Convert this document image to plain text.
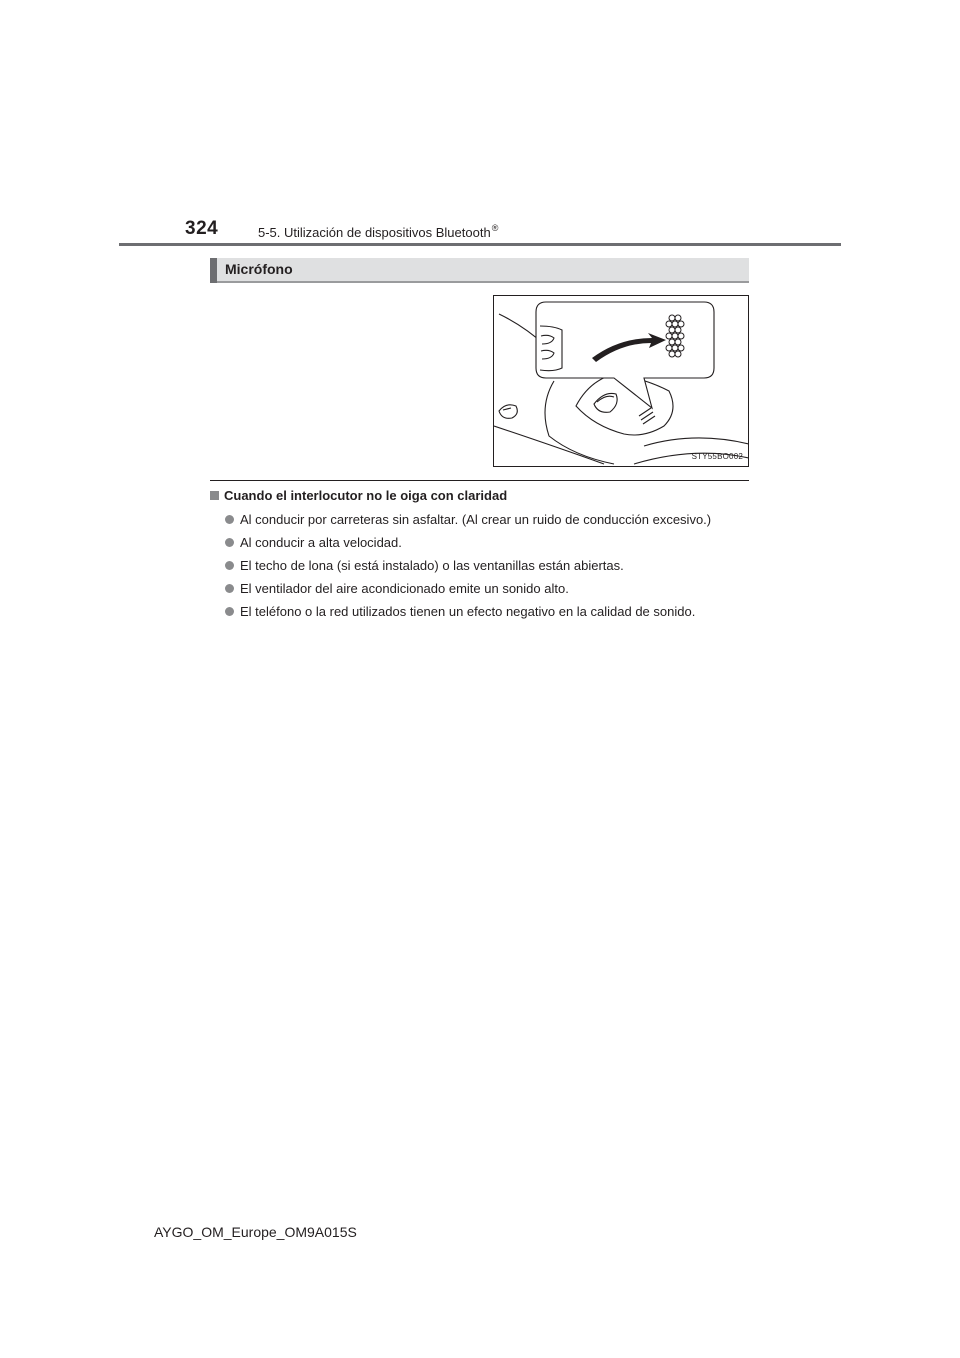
324	5-5. Utilización de dispositivos Bluetooth®
Micrófono
STY55BO002
Cuando el interlocutor no le oiga con claridad
Al conducir por carreteras sin asfaltar. (Al crear un ruido de conducción excesivo.)
Al conducir a alta velocidad.
El techo de lona (si está instalado) o las ventanillas están abiertas.
El ventilador del aire acondicionado emite un sonido alto.
El teléfono o la red utilizados tienen un efecto negativo en la calidad de sonido.
AYGO_OM_Europe_OM9A015S
